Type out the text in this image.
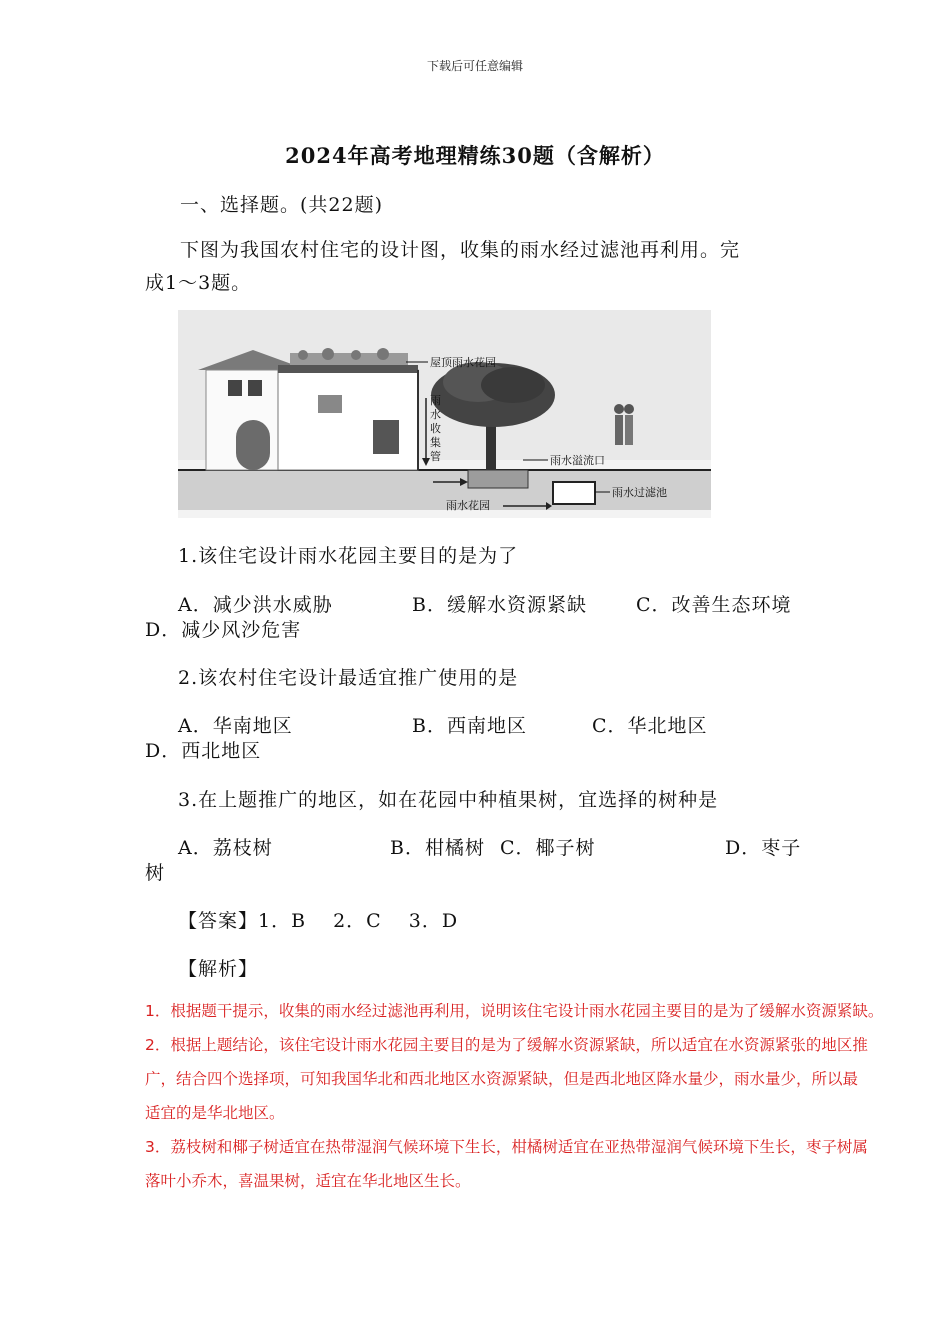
下载后可任意编辑
2024年高考地理精练30题（含解析）
一、选择题。(共22题)
下图为我国农村住宅的设计图，收集的雨水经过滤池再利用。完
成1～3题。
屋顶雨水花园
雨
水
收
集
管	雨水溢流口
雨水花园
雨水过滤池
1.该住宅设计雨水花园主要目的是为了
A．减少洪水威胁	B．缓解水资源紧缺	C．改善生态环境
D．减少风沙危害
2.该农村住宅设计最适宜推广使用的是
A．华南地区	B．西南地区	C．华北地区
D．西北地区
3.在上题推广的地区，如在花园中种植果树，宜选择的树种是
A．荔枝树	B．柑橘树 C．椰子树	D．枣子
树
【答案】1．B　 2．C　 3．D
【解析】
1．根据题干提示，收集的雨水经过滤池再利用，说明该住宅设计雨水花园主要目的是为了缓解水资源紧缺。
2．根据上题结论，该住宅设计雨水花园主要目的是为了缓解水资源紧缺，所以适宜在水资源紧张的地区推
广，结合四个选择项，可知我国华北和西北地区水资源紧缺，但是西北地区降水量少，雨水量少，所以最
适宜的是华北地区。
3．荔枝树和椰子树适宜在热带湿润气候环境下生长，柑橘树适宜在亚热带湿润气候环境下生长，枣子树属
落叶小乔木，喜温果树，适宜在华北地区生长。
